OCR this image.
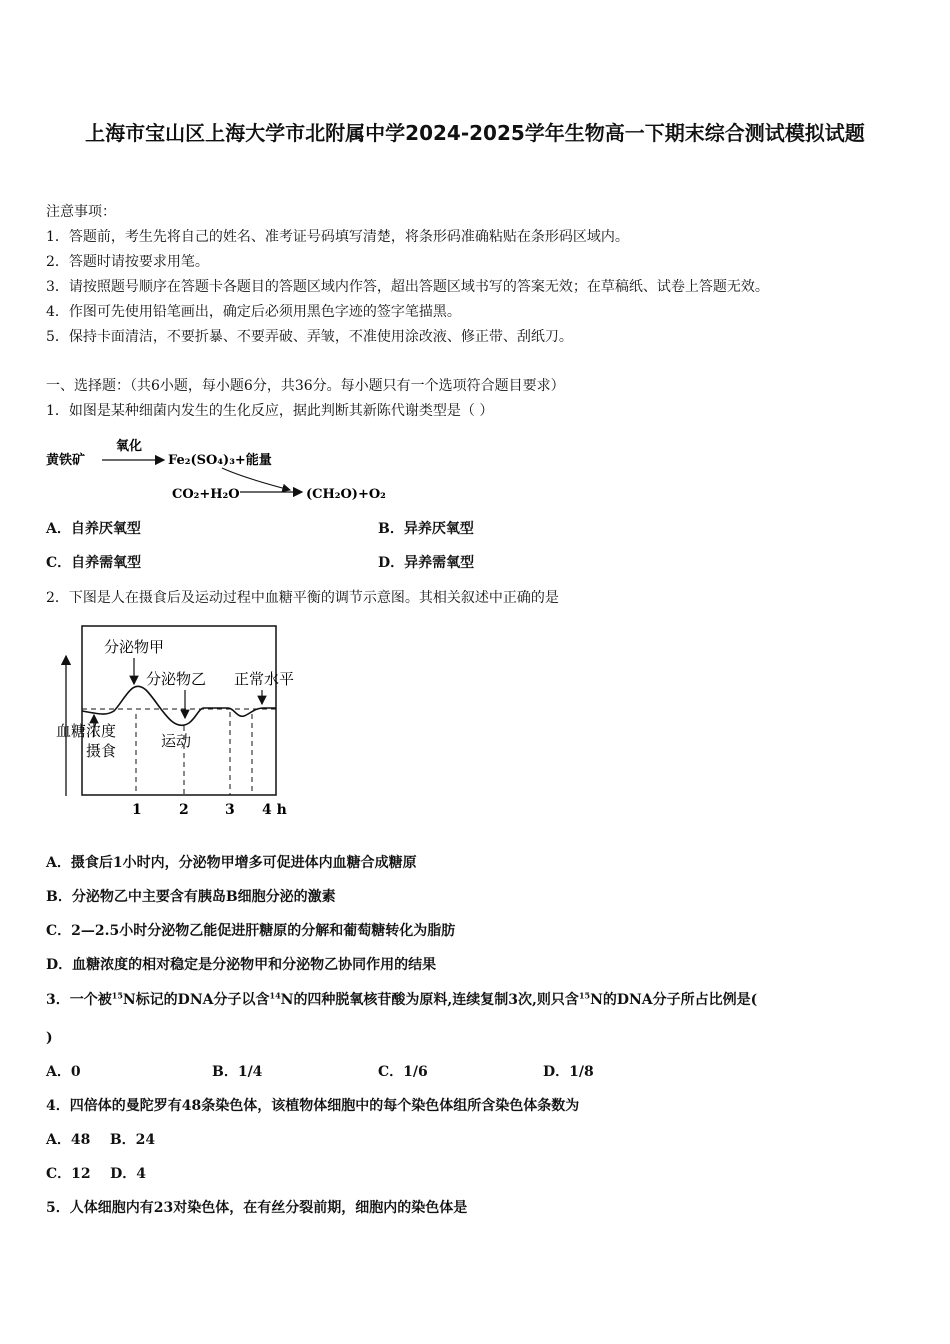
上海市宝山区上海大学市北附属中学2024-2025学年生物高一下期末综合测试模拟试题
注意事项：
1．答题前，考生先将自己的姓名、准考证号码填写清楚，将条形码准确粘贴在条形码区域内。
2．答题时请按要求用笔。
3．请按照题号顺序在答题卡各题目的答题区域内作答，超出答题区域书写的答案无效；在草稿纸、试卷上答题无效。
4．作图可先使用铅笔画出，确定后必须用黑色字迹的签字笔描黑。
5．保持卡面清洁，不要折暴、不要弄破、弄皱，不准使用涂改液、修正带、刮纸刀。
一、选择题：（共6小题，每小题6分，共36分。每小题只有一个选项符合题目要求）
1．如图是某种细菌内发生的生化反应，据此判断其新陈代谢类型是（ ）
黄铁矿
氧化
Fe₂(SO₄)₃+能量
CO₂+H₂O	(CH₂O)+O₂
A．自养厌氧型	B．异养厌氧型
C．自养需氧型	D．异养需氧型
2．下图是人在摄食后及运动过程中血糖平衡的调节示意图。其相关叙述中正确的是
血糖浓度
分泌物甲
分泌物乙 正常水平
摄食
运动
1	2	3 4 h
A．摄食后1小时内，分泌物甲增多可促进体内血糖合成糖原
B．分泌物乙中主要含有胰岛B细胞分泌的激素
C．2—2.5小时分泌物乙能促进肝糖原的分解和葡萄糖转化为脂肪
D．血糖浓度的相对稳定是分泌物甲和分泌物乙协同作用的结果
3．一个被$^{15}$N标记的DNA分子以含$^{14}$N的四种脱氧核苷酸为原料,连续复制3次,则只含$^{15}$N的DNA分子所占比例是(
)
A．0	B．1/4	C．1/6	D．1/8
4．四倍体的曼陀罗有48条染色体，该植物体细胞中的每个染色体组所含染色体条数为
A．48    B．24
C．12    D．4
5．人体细胞内有23对染色体，在有丝分裂前期，细胞内的染色体是
